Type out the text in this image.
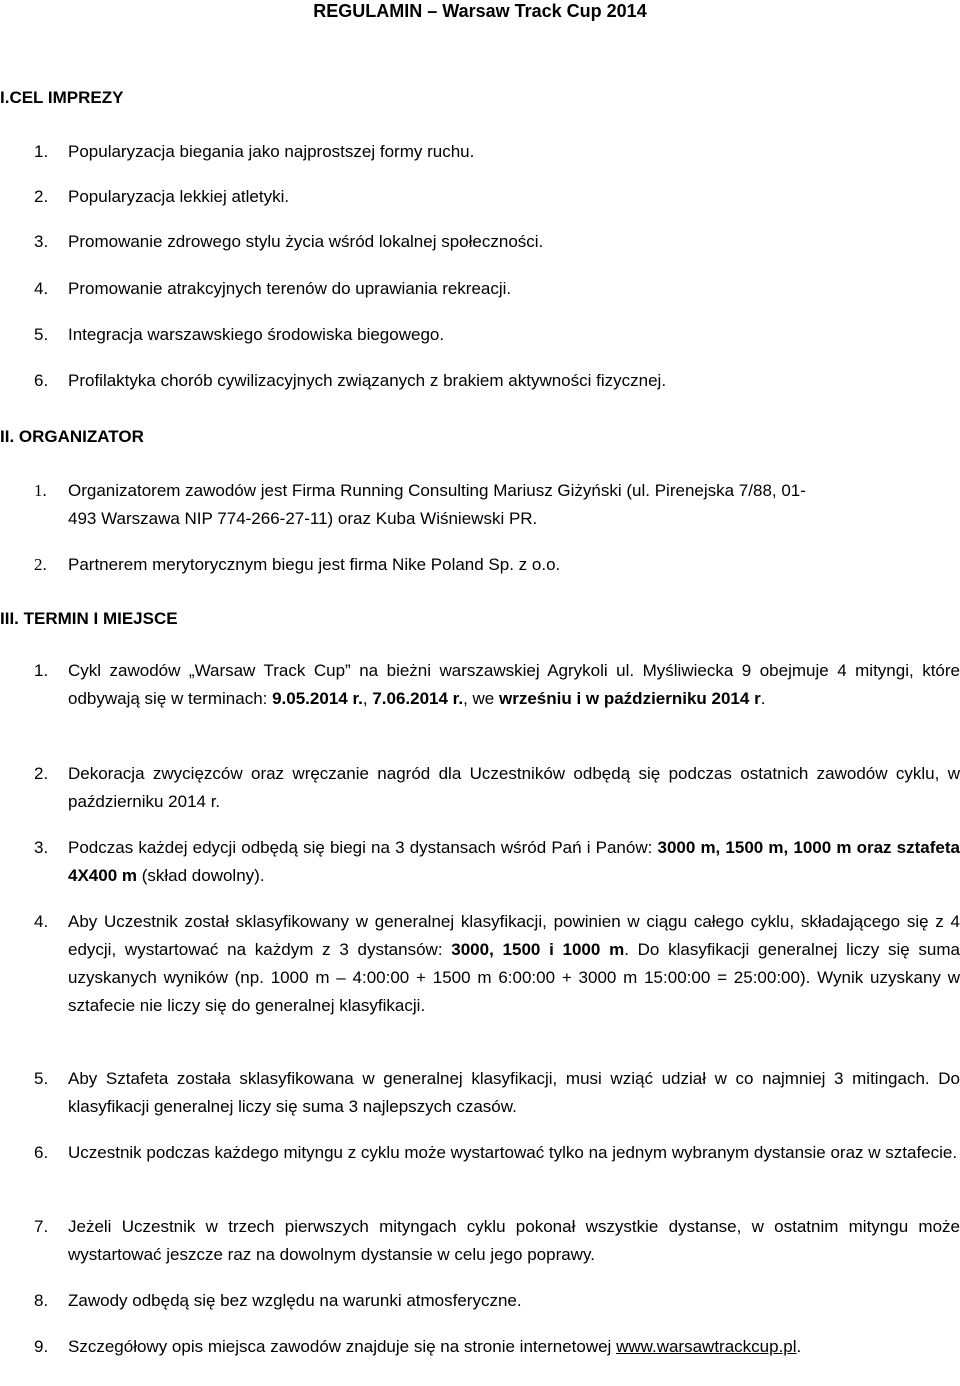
REGULAMIN – Warsaw Track Cup 2014
I.CEL IMPREZY
1. Popularyzacja biegania jako najprostszej formy ruchu.
2. Popularyzacja lekkiej atletyki.
3. Promowanie zdrowego stylu życia wśród lokalnej społeczności.
4. Promowanie atrakcyjnych terenów do uprawiania rekreacji.
5. Integracja warszawskiego środowiska biegowego.
6. Profilaktyka chorób cywilizacyjnych związanych z brakiem aktywności fizycznej.
II. ORGANIZATOR
1. Organizatorem zawodów jest Firma Running Consulting Mariusz Giżyński (ul. Pirenejska 7/88, 01-
493 Warszawa NIP 774-266-27-11) oraz Kuba Wiśniewski PR.
2. Partnerem merytorycznym biegu jest firma Nike Poland Sp. z o.o.
III. TERMIN I MIEJSCE
1. Cykl zawodów „Warsaw Track Cup” na bieżni warszawskiej Agrykoli ul. Myśliwiecka 9 obejmuje 4 mityngi, które odbywają się w terminach: 9.05.2014 r., 7.06.2014 r., we wrześniu i w październiku 2014 r.
2. Dekoracja zwycięzców oraz wręczanie nagród dla Uczestników odbędą się podczas ostatnich zawodów cyklu, w październiku 2014 r.
3. Podczas każdej edycji odbędą się biegi na 3 dystansach wśród Pań i Panów: 3000 m, 1500 m, 1000 m oraz sztafeta 4X400 m (skład dowolny).
4. Aby Uczestnik został sklasyfikowany w generalnej klasyfikacji, powinien w ciągu całego cyklu, składającego się z 4 edycji, wystartować na każdym z 3 dystansów: 3000, 1500 i 1000 m. Do klasyfikacji generalnej liczy się suma uzyskanych wyników (np. 1000 m – 4:00:00 + 1500 m 6:00:00 + 3000 m 15:00:00 = 25:00:00). Wynik uzyskany w sztafecie nie liczy się do generalnej klasyfikacji.
5. Aby Sztafeta została sklasyfikowana w generalnej klasyfikacji, musi wziąć udział w co najmniej 3 mitingach. Do klasyfikacji generalnej liczy się suma 3 najlepszych czasów.
6. Uczestnik podczas każdego mityngu z cyklu może wystartować tylko na jednym wybranym dystansie oraz w sztafecie.
7. Jeżeli Uczestnik w trzech pierwszych mityngach cyklu pokonał wszystkie dystanse, w ostatnim mityngu może wystartować jeszcze raz na dowolnym dystansie w celu jego poprawy.
8. Zawody odbędą się bez względu na warunki atmosferyczne.
9. Szczegółowy opis miejsca zawodów znajduje się na stronie internetowej www.warsawtrackcup.pl.
